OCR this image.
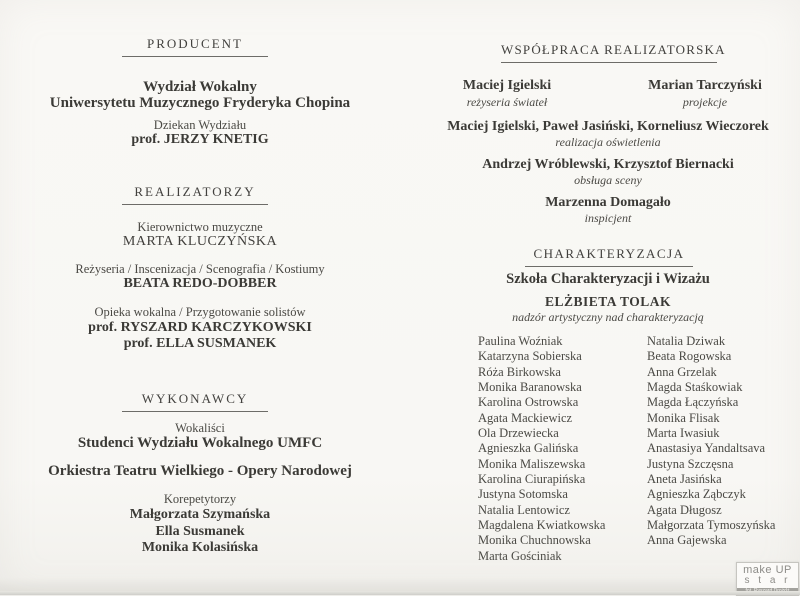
PRODUCENT
Wydział Wokalny
Uniwersytetu Muzycznego Fryderyka Chopina
Dziekan Wydziału
prof. JERZY KNETIG
REALIZATORZY
Kierownictwo muzyczne
MARTA KLUCZYŃSKA
Reżyseria / Inscenizacja / Scenografia / Kostiumy
BEATA REDO-DOBBER
Opieka wokalna / Przygotowanie solistów
prof. RYSZARD KARCZYKOWSKI
prof. ELLA SUSMANEK
WYKONAWCY
Wokaliści
Studenci Wydziału Wokalnego UMFC
Orkiestra Teatru Wielkiego - Opery Narodowej
Korepetytorzy
Małgorzata Szymańska
Ella Susmanek
Monika Kolasińska
WSPÓŁPRACA REALIZATORSKA
Maciej Igielski
reżyseria świateł
Marian Tarczyński
projekcje
Maciej Igielski, Paweł Jasiński, Korneliusz Wieczorek
realizacja oświetlenia
Andrzej Wróblewski, Krzysztof Biernacki
obsługa sceny
Marzenna Domagało
inspicjent
CHARAKTERYZACJA
Szkoła Charakteryzacji i Wizażu
ELŻBIETA TOLAK
nadzór artystyczny nad charakteryzacją
Paulina Woźniak
Katarzyna Sobierska
Róża Birkowska
Monika Baranowska
Karolina Ostrowska
Agata Mackiewicz
Ola Drzewiecka
Agnieszka Galińska
Monika Maliszewska
Karolina Ciurapińska
Justyna Sotomska
Natalia Lentowicz
Magdalena Kwiatkowska
Monika Chuchnowska
Marta Gościniak
Natalia Dziwak
Beata Rogowska
Anna Grzelak
Magda Staśkowiak
Magda Łączyńska
Monika Flisak
Marta Iwasiuk
Anastasiya Yandaltsava
Justyna Szczęsna
Aneta Jasińska
Agnieszka Ząbczyk
Agata Długosz
Małgorzata Tymoszyńska
Anna Gajewska
make UP
s t a r
